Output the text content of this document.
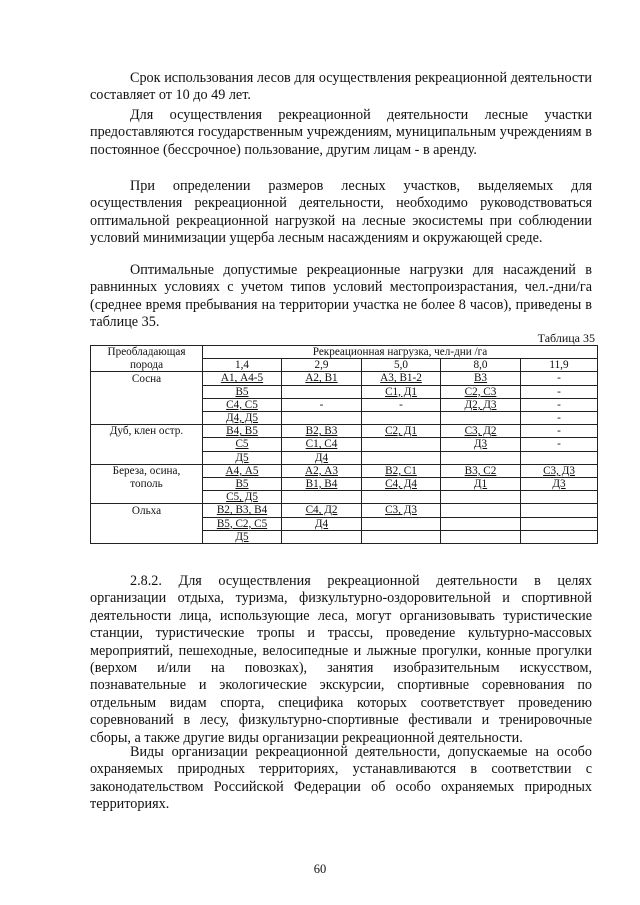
Срок использования лесов для осуществления рекреационной деятельности составляет от 10 до 49 лет.

Для осуществления рекреационной деятельности лесные участки предоставляются государственным учреждениям, муниципальным учреждениям в постоянное (бессрочное) пользование, другим лицам - в аренду.

При определении размеров лесных участков, выделяемых для осуществления рекреационной деятельности, необходимо руководствоваться оптимальной рекреационной нагрузкой на лесные экосистемы при соблюдении условий минимизации ущерба лесным насаждениям и окружающей среде.

Оптимальные допустимые рекреационные нагрузки для насаждений в равнинных условиях с учетом типов условий местопроизрастания, чел.-дни/га (среднее время пребывания на территории участка не более 8 часов), приведены в таблице 35.

Таблица 35
Преобладающая	Рекреационная нагрузка, чел-дни /га				
порода	1,4	2,9	5,0	8,0	11,9
Сосна	А1, А4-5	А2, В1	А3, В1-2	В3	-
	В5		С1, Д1	С2, С3	-
	С4, С5	-	-	Д2, Д3	-
	Д4, Д5				-
Дуб, клен остр.	В4, В5	В2, В3	С2, Д1	С3, Д2	-
	С5	С1, С4		Д3	-
	Д5	Д4			
Береза, осина,	А4, А5	А2, А3	В2, С1	В3, С2	С3, Д3
тополь	В5	В1, В4	С4, Д4	Д1	Д3
	С5, Д5				
Ольха	В2, В3, В4	С4, Д2	С3, Д3		
	В5, С2, С5	Д4			
	Д5				

2.8.2. Для осуществления рекреационной деятельности в целях организации отдыха, туризма, физкультурно-оздоровительной и спортивной деятельности лица, использующие леса, могут организовывать туристические станции, туристические тропы и трассы, проведение культурно-массовых мероприятий, пешеходные, велосипедные и лыжные прогулки, конные прогулки (верхом и/или на повозках), занятия изобразительным искусством, познавательные и экологические экскурсии, спортивные соревнования по отдельным видам спорта, специфика которых соответствует проведению соревнований в лесу, физкультурно-спортивные фестивали и тренировочные сборы, а также другие виды организации рекреационной деятельности.

Виды организации рекреационной деятельности, допускаемые на особо охраняемых природных территориях, устанавливаются в соответствии с законодательством Российской Федерации об особо охраняемых природных территориях.

60
